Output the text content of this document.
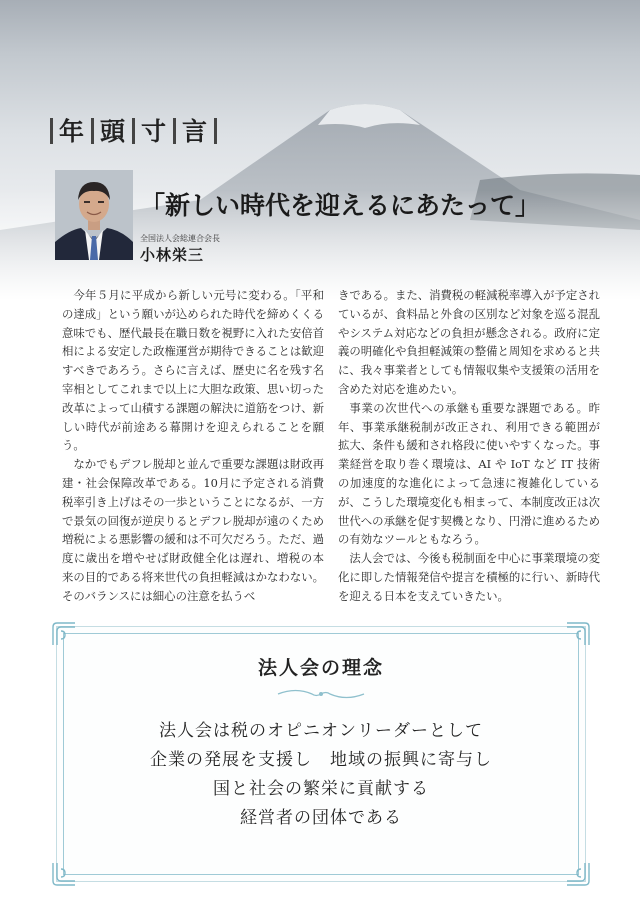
年 頭 寸 言
「新しい時代を迎えるにあたって」
全国法人会総連合会長
小林栄三

今年５月に平成から新しい元号に変わる。「平和の達成」という願いが込められた時代を締めくくる意味でも、歴代最長在職日数を視野に入れた安倍首相による安定した政権運営が期待できることは歓迎すべきであろう。さらに言えば、歴史に名を残す名宰相としてこれまで以上に大胆な政策、思い切った改革によって山積する課題の解決に道筋をつけ、新しい時代が前途ある幕開けを迎えられることを願う。

なかでもデフレ脱却と並んで重要な課題は財政再建・社会保障改革である。10月に予定される消費税率引き上げはその一歩ということになるが、一方で景気の回復が逆戻りるとデフレ脱却が遠のくため増税による悪影響の緩和は不可欠だろう。ただ、過度に歳出を増やせば財政健全化は遅れ、増税の本来の目的である将来世代の負担軽減はかなわない。そのバランスには細心の注意を払うべ

きである。また、消費税の軽減税率導入が予定されているが、食料品と外食の区別など対象を巡る混乱やシステム対応などの負担が懸念される。政府に定義の明確化や負担軽減策の整備と周知を求めると共に、我々事業者としても情報収集や支援策の活用を含めた対応を進めたい。

事業の次世代への承継も重要な課題である。昨年、事業承継税制が改正され、利用できる範囲が拡大、条件も緩和され格段に使いやすくなった。事業経営を取り巻く環境は、AI や IoT など IT 技術の加速度的な進化によって急速に複雑化しているが、こうした環境変化も相まって、本制度改正は次世代への承継を促す契機となり、円滑に進めるための有効なツールともなろう。

法人会では、今後も税制面を中心に事業環境の変化に即した情報発信や提言を積極的に行い、新時代を迎える日本を支えていきたい。

法人会の理念
法人会は税のオピニオンリーダーとして
企業の発展を支援し　地域の振興に寄与し
国と社会の繁栄に貢献する
経営者の団体である
